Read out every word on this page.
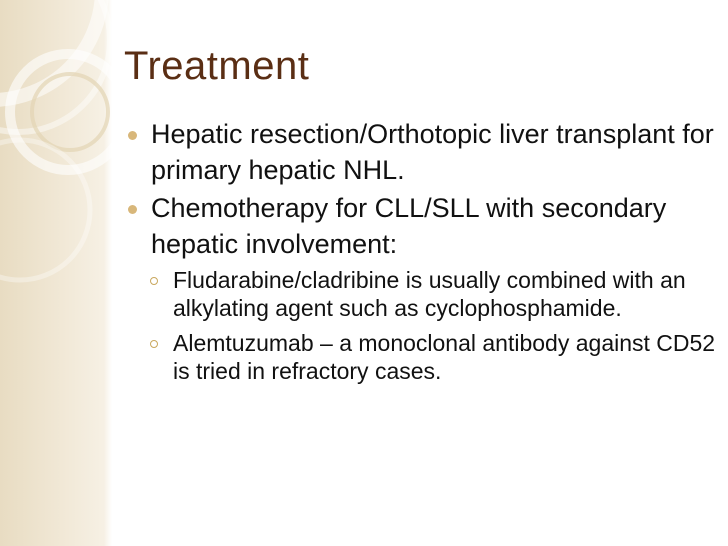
Treatment
Hepatic resection/Orthotopic liver transplant for primary hepatic NHL.
Chemotherapy for CLL/SLL with secondary hepatic involvement:
Fludarabine/cladribine is usually combined with an alkylating agent such as cyclophosphamide.
Alemtuzumab – a monoclonal antibody against CD52 is tried in refractory cases.
